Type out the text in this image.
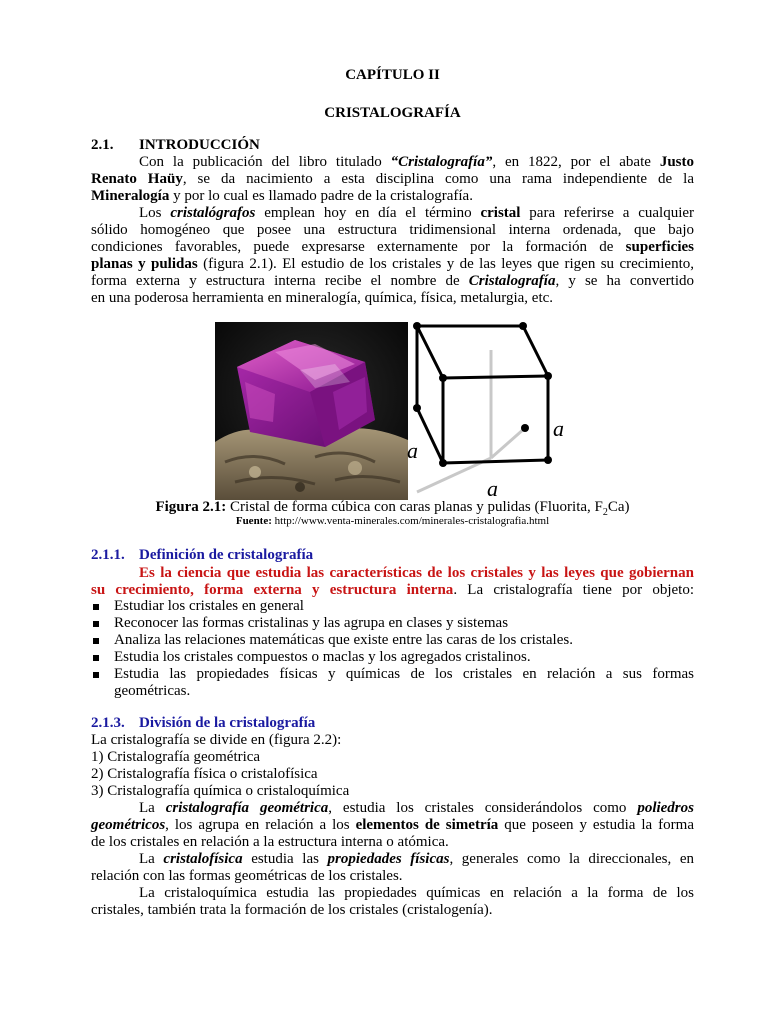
CAPÍTULO II
CRISTALOGRAFÍA
2.1. INTRODUCCIÓN
Con la publicación del libro titulado “Cristalografía”, en 1822, por el abate Justo
Renato Haüy, se da nacimiento a esta disciplina como una rama independiente de la
Mineralogía y por lo cual es llamado padre de la cristalografía.
Los cristalógrafos emplean hoy en día el término cristal para referirse a cualquier
sólido homogéneo que posee una estructura tridimensional interna ordenada, que bajo
condiciones favorables, puede expresarse externamente por la formación de superficies
planas y pulidas (figura 2.1). El estudio de los cristales y de las leyes que rigen su crecimiento,
forma externa y estructura interna recibe el nombre de Cristalografía, y se ha convertido
en una poderosa herramienta en mineralogía, química, física, metalurgia, etc.
a
a
a
Figura 2.1: Cristal de forma cúbica con caras planas y pulidas (Fluorita, $F_2Ca$)
Fuente: http://www.venta-minerales.com/minerales-cristalografia.html
2.1.1. Definición de cristalografía
Es la ciencia que estudia las características de los cristales y las leyes que gobiernan
su crecimiento, forma externa y estructura interna. La cristalografía tiene por objeto:
Estudiar los cristales en general
Reconocer las formas cristalinas y las agrupa en clases y sistemas
Analiza las relaciones matemáticas que existe entre las caras de los cristales.
Estudia los cristales compuestos o maclas y los agregados cristalinos.
Estudia las propiedades físicas y químicas de los cristales en relación a sus formas
geométricas.
2.1.3. División de la cristalografía
La cristalografía se divide en (figura 2.2):
1) Cristalografía geométrica
2) Cristalografía física o cristalofísica
3) Cristalografía química o cristaloquímica
La cristalografía geométrica, estudia los cristales considerándolos como poliedros
geométricos, los agrupa en relación a los elementos de simetría que poseen y estudia la forma
de los cristales en relación a la estructura interna o atómica.
La cristalofísica estudia las propiedades físicas, generales como la direccionales, en
relación con las formas geométricas de los cristales.
La cristaloquímica estudia las propiedades químicas en relación a la forma de los
cristales, también trata la formación de los cristales (cristalogenía).
